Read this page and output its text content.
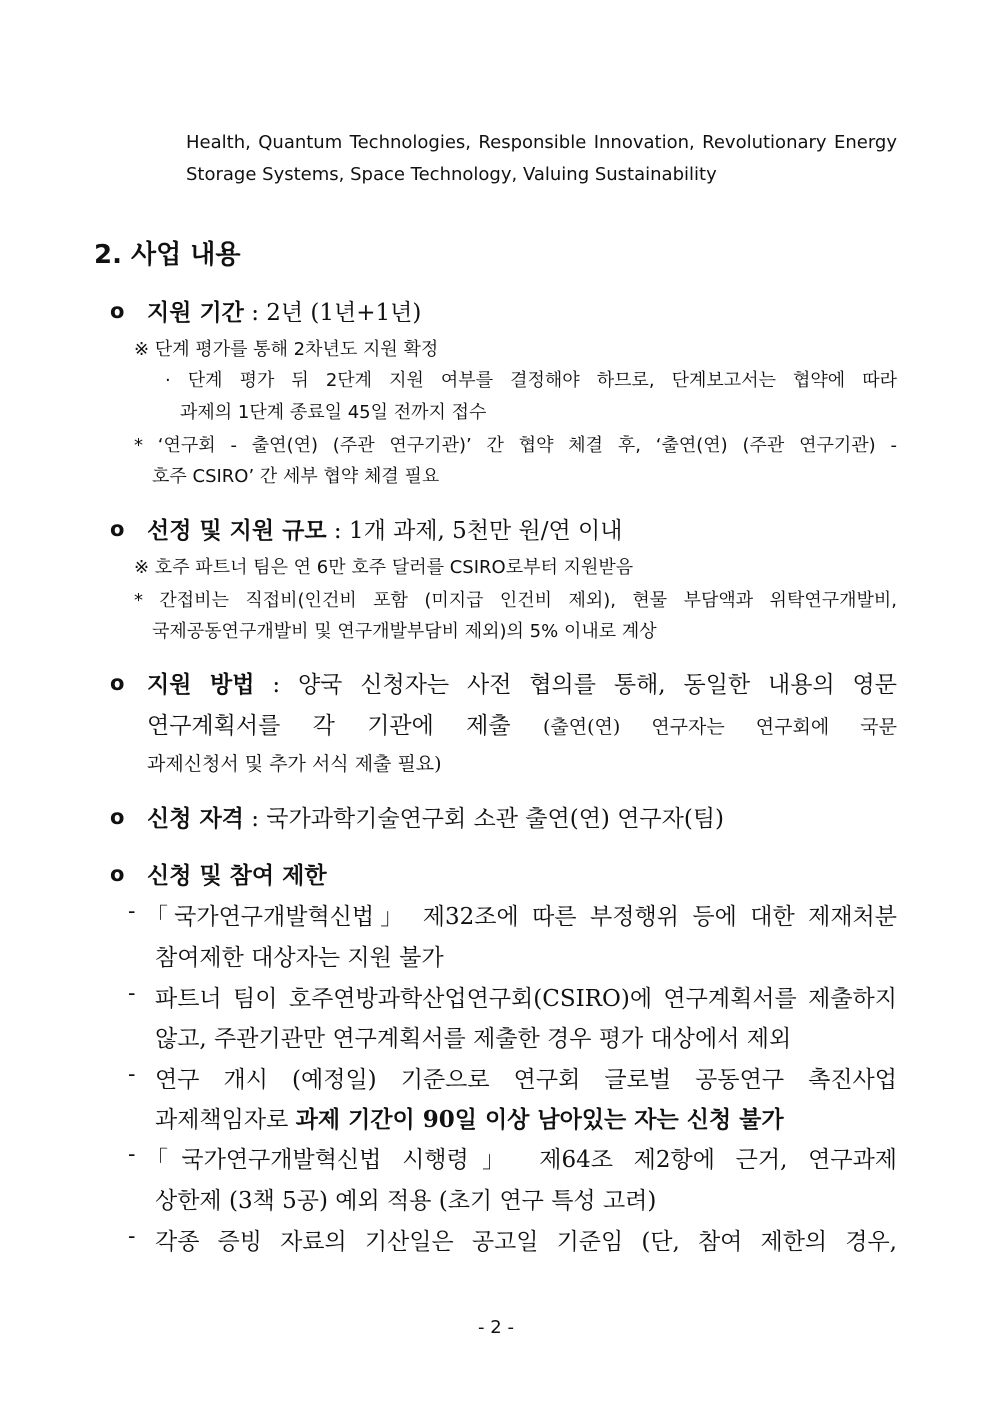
Health, Quantum Technologies, Responsible Innovation, Revolutionary Energy
Storage Systems, Space Technology, Valuing Sustainability
2. 사업 내용
o 지원 기간 : 2년 (1년+1년)
※ 단계 평가를 통해 2차년도 지원 확정
· 단계 평가 뒤 2단계 지원 여부를 결정해야 하므로, 단계보고서는 협약에 따라
과제의 1단계 종료일 45일 전까지 접수
* ‘연구회 - 출연(연) (주관 연구기관)’ 간 협약 체결 후, ‘출연(연) (주관 연구기관) -
호주 CSIRO’ 간 세부 협약 체결 필요
o 선정 및 지원 규모 : 1개 과제, 5천만 원/연 이내
※ 호주 파트너 팀은 연 6만 호주 달러를 CSIRO로부터 지원받음
* 간접비는 직접비(인건비 포함 (미지급 인건비 제외), 현물 부담액과 위탁연구개발비,
국제공동연구개발비 및 연구개발부담비 제외)의 5% 이내로 계상
o 지원 방법 : 양국 신청자는 사전 협의를 통해, 동일한 내용의 영문
연구계획서를 각 기관에 제출 (출연(연) 연구자는 연구회에 국문
과제신청서 및 추가 서식 제출 필요)
o 신청 자격 : 국가과학기술연구회 소관 출연(연) 연구자(팀)
o 신청 및 참여 제한
- 「국가연구개발혁신법」 제32조에 따른 부정행위 등에 대한 제재처분
참여제한 대상자는 지원 불가
- 파트너 팀이 호주연방과학산업연구회(CSIRO)에 연구계획서를 제출하지
않고, 주관기관만 연구계획서를 제출한 경우 평가 대상에서 제외
- 연구 개시 (예정일) 기준으로 연구회 글로벌 공동연구 촉진사업
과제책임자로 과제 기간이 90일 이상 남아있는 자는 신청 불가
- 「국가연구개발혁신법 시행령」 제64조 제2항에 근거, 연구과제
상한제 (3책 5공) 예외 적용 (초기 연구 특성 고려)
- 각종 증빙 자료의 기산일은 공고일 기준임 (단, 참여 제한의 경우,
- 2 -
